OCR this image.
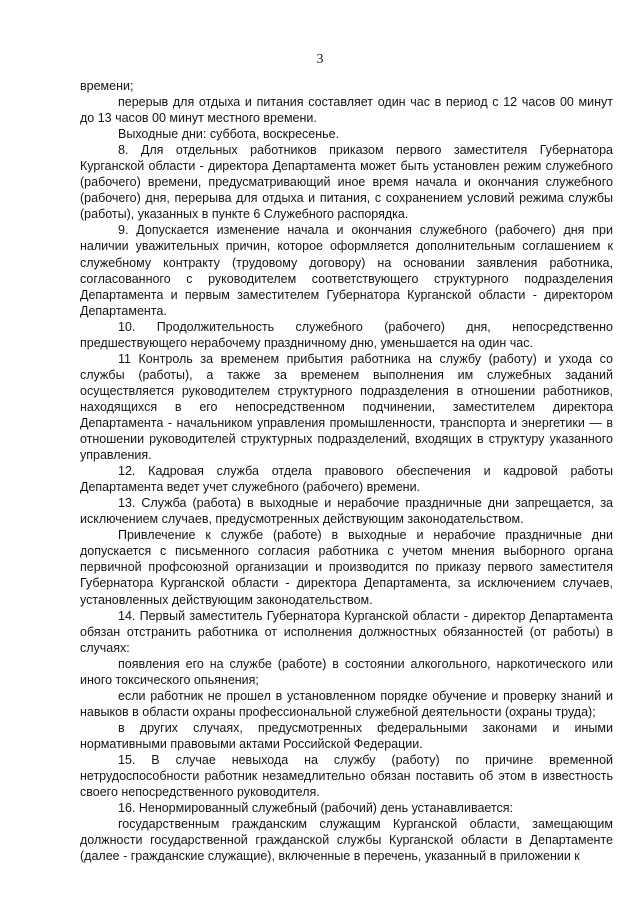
3

времени;

перерыв для отдыха и питания составляет один час в период с 12 часов 00 минут до 13 часов 00 минут местного времени.

Выходные дни: суббота, воскресенье.

8. Для отдельных работников приказом первого заместителя Губернатора Курганской области - директора Департамента может быть установлен режим служебного (рабочего) времени, предусматривающий иное время начала и окончания служебного (рабочего) дня, перерыва для отдыха и питания, с сохранением условий режима службы (работы), указанных в пункте 6 Служебного распорядка.

9. Допускается изменение начала и окончания служебного (рабочего) дня при наличии уважительных причин, которое оформляется дополнительным соглашением к служебному контракту (трудовому договору) на основании заявления работника, согласованного с руководителем соответствующего структурного подразделения Департамента и первым заместителем Губернатора Курганской области - директором Департамента.

10. Продолжительность служебного (рабочего) дня, непосредственно предшествующего нерабочему праздничному дню, уменьшается на один час.

11 Контроль за временем прибытия работника на службу (работу) и ухода со службы (работы), а также за временем выполнения им служебных заданий осуществляется руководителем структурного подразделения в отношении работников, находящихся в его непосредственном подчинении, заместителем директора Департамента - начальником управления промышленности, транспорта и энергетики — в отношении руководителей структурных подразделений, входящих в структуру указанного управления.

12. Кадровая служба отдела правового обеспечения и кадровой работы Департамента ведет учет служебного (рабочего) времени.

13. Служба (работа) в выходные и нерабочие праздничные дни запрещается, за исключением случаев, предусмотренных действующим законодательством.

Привлечение к службе (работе) в выходные и нерабочие праздничные дни допускается с письменного согласия работника с учетом мнения выборного органа первичной профсоюзной организации и производится по приказу первого заместителя Губернатора Курганской области - директора Департамента, за исключением случаев, установленных действующим законодательством.

14. Первый заместитель Губернатора Курганской области - директор Департамента обязан отстранить работника от исполнения должностных обязанностей (от работы) в случаях:

появления его на службе (работе) в состоянии алкогольного, наркотического или иного токсического опьянения;

если работник не прошел в установленном порядке обучение и проверку знаний и навыков в области охраны профессиональной служебной деятельности (охраны труда);

в других случаях, предусмотренных федеральными законами и иными нормативными правовыми актами Российской Федерации.

15. В случае невыхода на службу (работу) по причине временной нетрудоспособности работник незамедлительно обязан поставить об этом в известность своего непосредственного руководителя.

16. Ненормированный служебный (рабочий) день устанавливается:

государственным гражданским служащим Курганской области, замещающим должности государственной гражданской службы Курганской области в Департаменте (далее - гражданские служащие), включенные в перечень, указанный в приложении к
